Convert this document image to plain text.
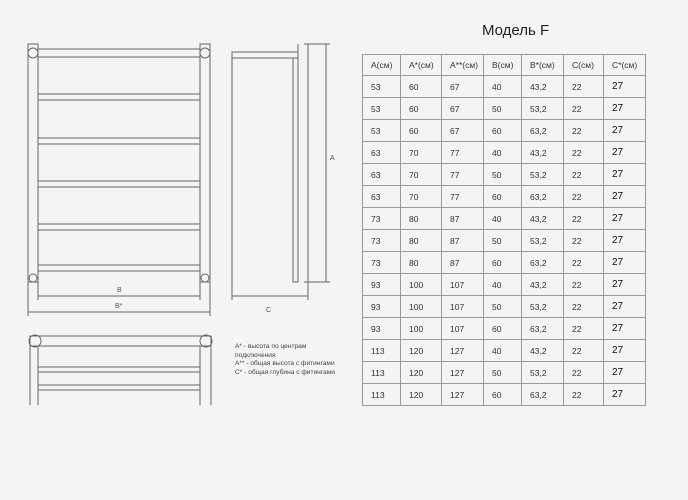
B
B*
C
A
Модель F
А(см)	А*(см)	А**(см)	В(см)	В*(см)	С(см)	С*(см)
53	60	67	40	43,2	22	27
53	60	67	50	53,2	22	27
53	60	67	60	63,2	22	27
63	70	77	40	43,2	22	27
63	70	77	50	53,2	22	27
63	70	77	60	63,2	22	27
73	80	87	40	43,2	22	27
73	80	87	50	53,2	22	27
73	80	87	60	63,2	22	27
93	100	107	40	43,2	22	27
93	100	107	50	53,2	22	27
93	100	107	60	63,2	22	27
113	120	127	40	43,2	22	27
113	120	127	50	53,2	22	27
113	120	127	60	63,2	22	27
А* - высота по центрам подключения
А** - общая высота с фитингами
С* - общая глубина с фитингами
